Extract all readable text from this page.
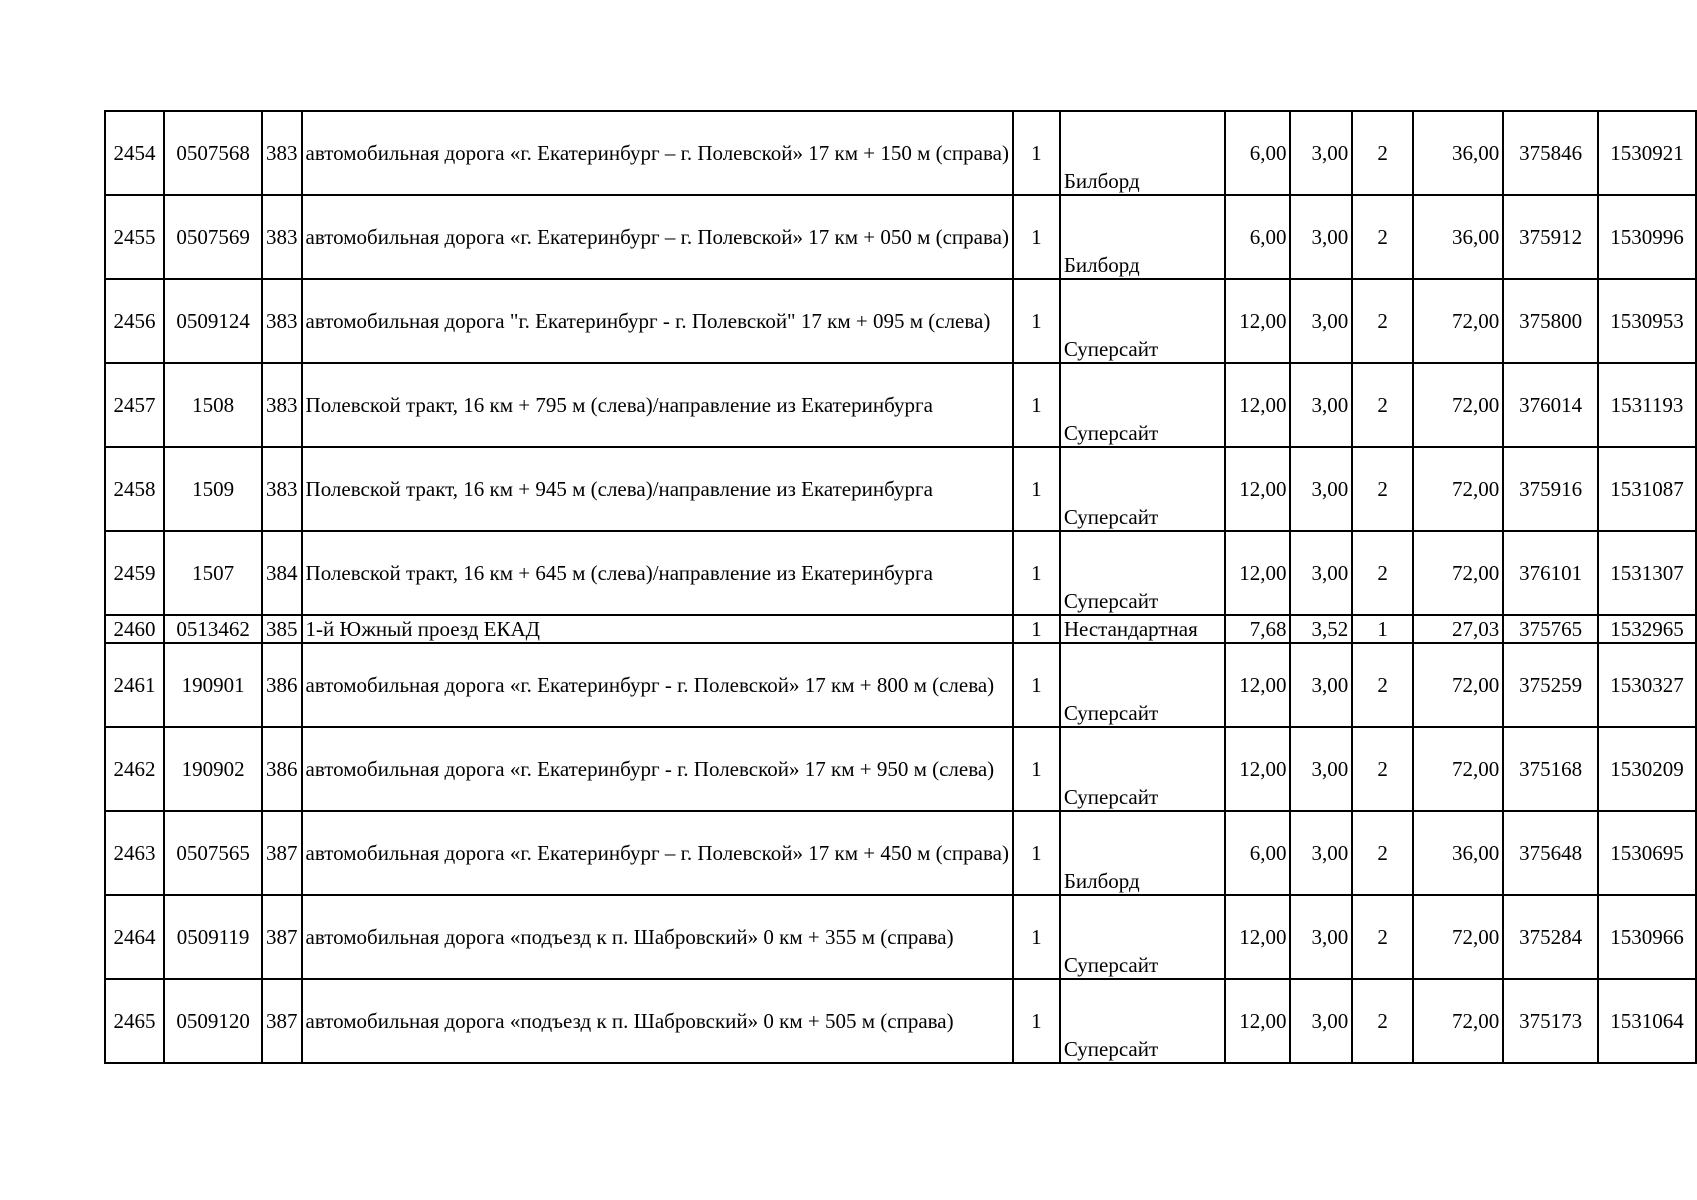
2454	0507568	383	автомобильная дорога «г. Екатеринбург – г. Полевской» 17 км + 150 м (справа)	1	Билборд	6,00	3,00	2	36,00	375846	1530921
2455	0507569	383	автомобильная дорога «г. Екатеринбург – г. Полевской» 17 км + 050 м (справа)	1	Билборд	6,00	3,00	2	36,00	375912	1530996
2456	0509124	383	автомобильная дорога "г. Екатеринбург - г. Полевской" 17 км + 095 м (слева)	1	Суперсайт	12,00	3,00	2	72,00	375800	1530953
2457	1508	383	Полевской тракт, 16 км + 795 м (слева)/направление из Екатеринбурга	1	Суперсайт	12,00	3,00	2	72,00	376014	1531193
2458	1509	383	Полевской тракт, 16 км + 945 м (слева)/направление из Екатеринбурга	1	Суперсайт	12,00	3,00	2	72,00	375916	1531087
2459	1507	384	Полевской тракт, 16 км + 645 м (слева)/направление из Екатеринбурга	1	Суперсайт	12,00	3,00	2	72,00	376101	1531307
2460	0513462	385	1-й Южный проезд ЕКАД	1	Нестандартная	7,68	3,52	1	27,03	375765	1532965
2461	190901	386	автомобильная дорога «г. Екатеринбург - г. Полевской» 17 км + 800 м (слева)	1	Суперсайт	12,00	3,00	2	72,00	375259	1530327
2462	190902	386	автомобильная дорога «г. Екатеринбург - г. Полевской» 17 км + 950 м (слева)	1	Суперсайт	12,00	3,00	2	72,00	375168	1530209
2463	0507565	387	автомобильная дорога «г. Екатеринбург – г. Полевской» 17 км + 450 м (справа)	1	Билборд	6,00	3,00	2	36,00	375648	1530695
2464	0509119	387	автомобильная дорога «подъезд к п. Шабровский» 0 км + 355 м (справа)	1	Суперсайт	12,00	3,00	2	72,00	375284	1530966
2465	0509120	387	автомобильная дорога «подъезд к п. Шабровский» 0 км + 505 м (справа)	1	Суперсайт	12,00	3,00	2	72,00	375173	1531064
